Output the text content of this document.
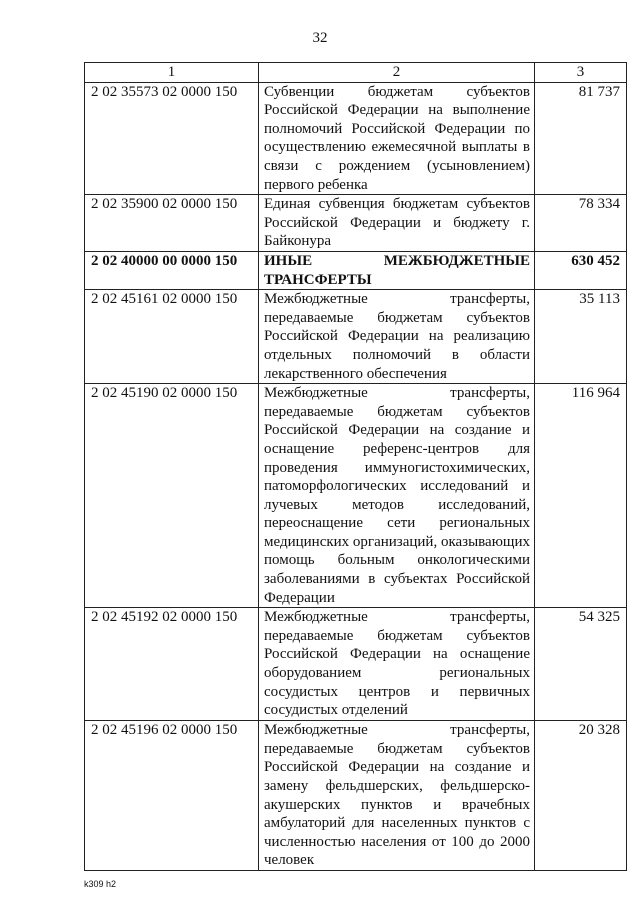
32
1	2	3
2 02 35573 02 0000 150	Субвенции бюджетам субъектов Российской Федерации на выполнение полномочий Российской Федерации по осуществлению ежемесячной выплаты в связи с рождением (усыновлением) первого ребенка	81 737
2 02 35900 02 0000 150	Единая субвенция бюджетам субъектов Российской Федерации и бюджету г. Байконура	78 334
2 02 40000 00 0000 150	ИНЫЕ МЕЖБЮДЖЕТНЫЕ ТРАНСФЕРТЫ	630 452
2 02 45161 02 0000 150	Межбюджетные трансферты, передаваемые бюджетам субъектов Российской Федерации на реализацию отдельных полномочий в области лекарственного обеспечения	35 113
2 02 45190 02 0000 150	Межбюджетные трансферты, передаваемые бюджетам субъектов Российской Федерации на создание и оснащение референс-центров для проведения иммуногистохимических, патоморфологических исследований и лучевых методов исследований, переоснащение сети региональных медицинских организаций, оказывающих помощь больным онкологическими заболеваниями в субъектах Российской Федерации	116 964
2 02 45192 02 0000 150	Межбюджетные трансферты, передаваемые бюджетам субъектов Российской Федерации на оснащение оборудованием региональных сосудистых центров и первичных сосудистых отделений	54 325
2 02 45196 02 0000 150	Межбюджетные трансферты, передаваемые бюджетам субъектов Российской Федерации на создание и замену фельдшерских, фельдшерско-акушерских пунктов и врачебных амбулаторий для населенных пунктов с численностью населения от 100 до 2000 человек	20 328
k309 h2
